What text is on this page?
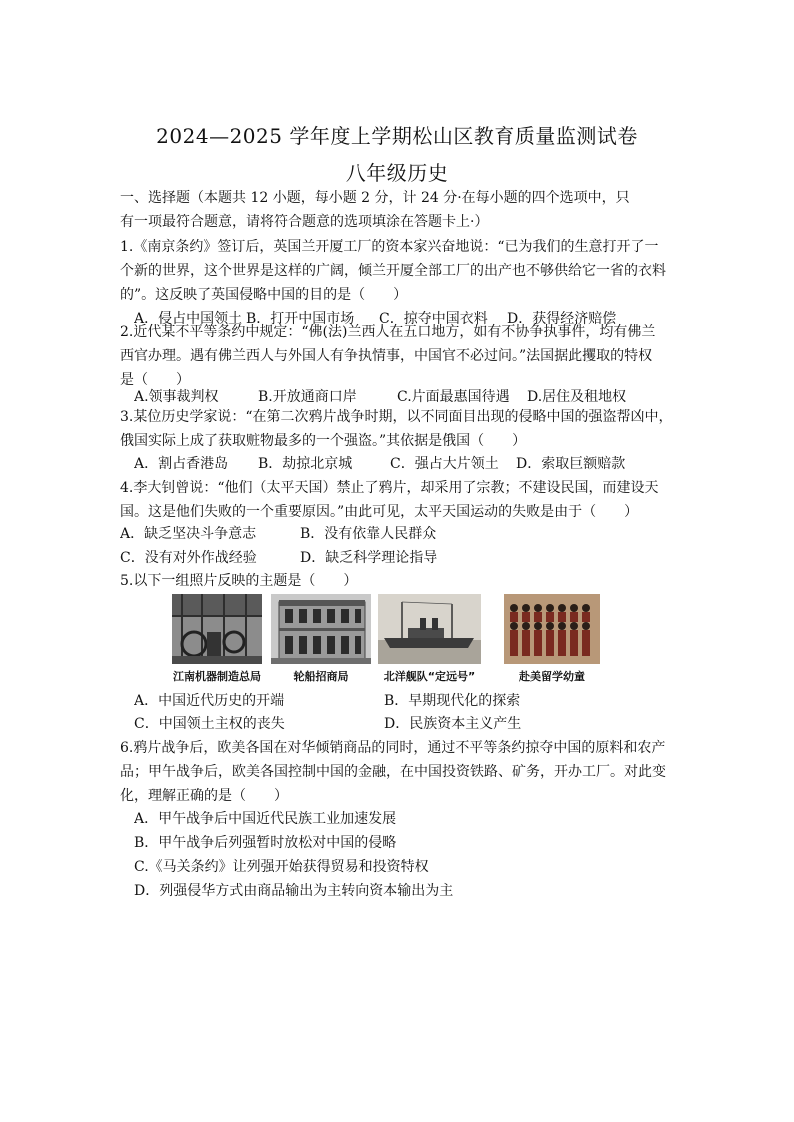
2024—2025 学年度上学期松山区教育质量监测试卷
八年级历史
一、选择题（本题共 12 小题，每小题 2 分，计 24 分·在每小题的四个选项中，只
有一项最符合题意，请将符合题意的选项填涂在答题卡上·）
1.《南京条约》签订后，英国兰开厦工厂的资本家兴奋地说：“已为我们的生意打开了一
个新的世界，这个世界是这样的广阔，倾兰开厦全部工厂的出产也不够供给它一省的衣料
的”。这反映了英国侵略中国的目的是（　　）
A．侵占中国领土 B．打开中国市场	C．掠夺中国衣料	D．获得经济赔偿
2.近代某不平等条约中规定：“佛(法)兰西人在五口地方，如有不协争执事件，均有佛兰
西官办理。遇有佛兰西人与外国人有争执情事，中国官不必过问。”法国据此攫取的特权
是（　　）
A.领事裁判权	B.开放通商口岸	C.片面最惠国待遇	D.居住及租地权
3.某位历史学家说：“在第二次鸦片战争时期，以不同面目出现的侵略中国的强盗帮凶中，
俄国实际上成了获取赃物最多的一个强盗。”其依据是俄国（　　）
A．割占香港岛	B．劫掠北京城	C．强占大片领土	D．索取巨额赔款
4.李大钊曾说：“他们（太平天国）禁止了鸦片，却采用了宗教；不建设民国，而建设天
国。这是他们失败的一个重要原因。”由此可见，太平天国运动的失败是由于（　　）
A．缺乏坚决斗争意志	B．没有依靠人民群众
C．没有对外作战经验	D．缺乏科学理论指导
5.以下一组照片反映的主题是（　　）
江南机器制造总局	轮船招商局	北洋舰队“定远号”	赴美留学幼童
A．中国近代历史的开端	B．早期现代化的探索
C．中国领土主权的丧失	D．民族资本主义产生
6.鸦片战争后，欧美各国在对华倾销商品的同时，通过不平等条约掠夺中国的原料和农产
品；甲午战争后，欧美各国控制中国的金融，在中国投资铁路、矿务，开办工厂。对此变
化，理解正确的是（　　）
A．甲午战争后中国近代民族工业加速发展
B．甲午战争后列强暂时放松对中国的侵略
C.《马关条约》让列强开始获得贸易和投资特权
D．列强侵华方式由商品输出为主转向资本输出为主
